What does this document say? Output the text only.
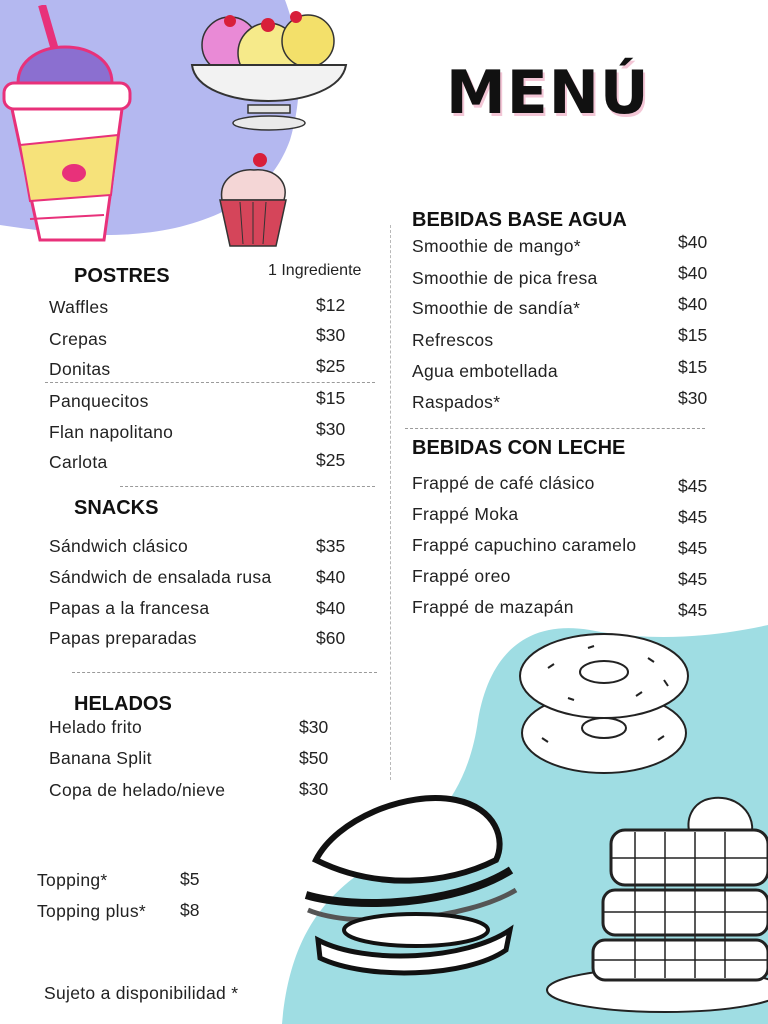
MENÚ
POSTRES	1 Ingrediente
Waffles	$12
Crepas	$30
Donitas	$25
Panquecitos	$15
Flan napolitano	$30
Carlota	$25
SNACKS
Sándwich clásico	$35
Sándwich de ensalada rusa	$40
Papas a la francesa	$40
Papas preparadas	$60
HELADOS
Helado frito	$30
Banana Split	$50
Copa de helado/nieve	$30
Topping*	$5
Topping plus* $8
Sujeto a disponibilidad *
BEBIDAS BASE AGUA
Smoothie de mango*	$40
Smoothie de pica fresa	$40
Smoothie de sandía*	$40
Refrescos	$15
Agua embotellada	$15
Raspados*	$30
BEBIDAS CON LECHE
Frappé de café clásico	$45
Frappé Moka	$45
Frappé capuchino caramelo $45
Frappé oreo	$45
Frappé de mazapán	$45
